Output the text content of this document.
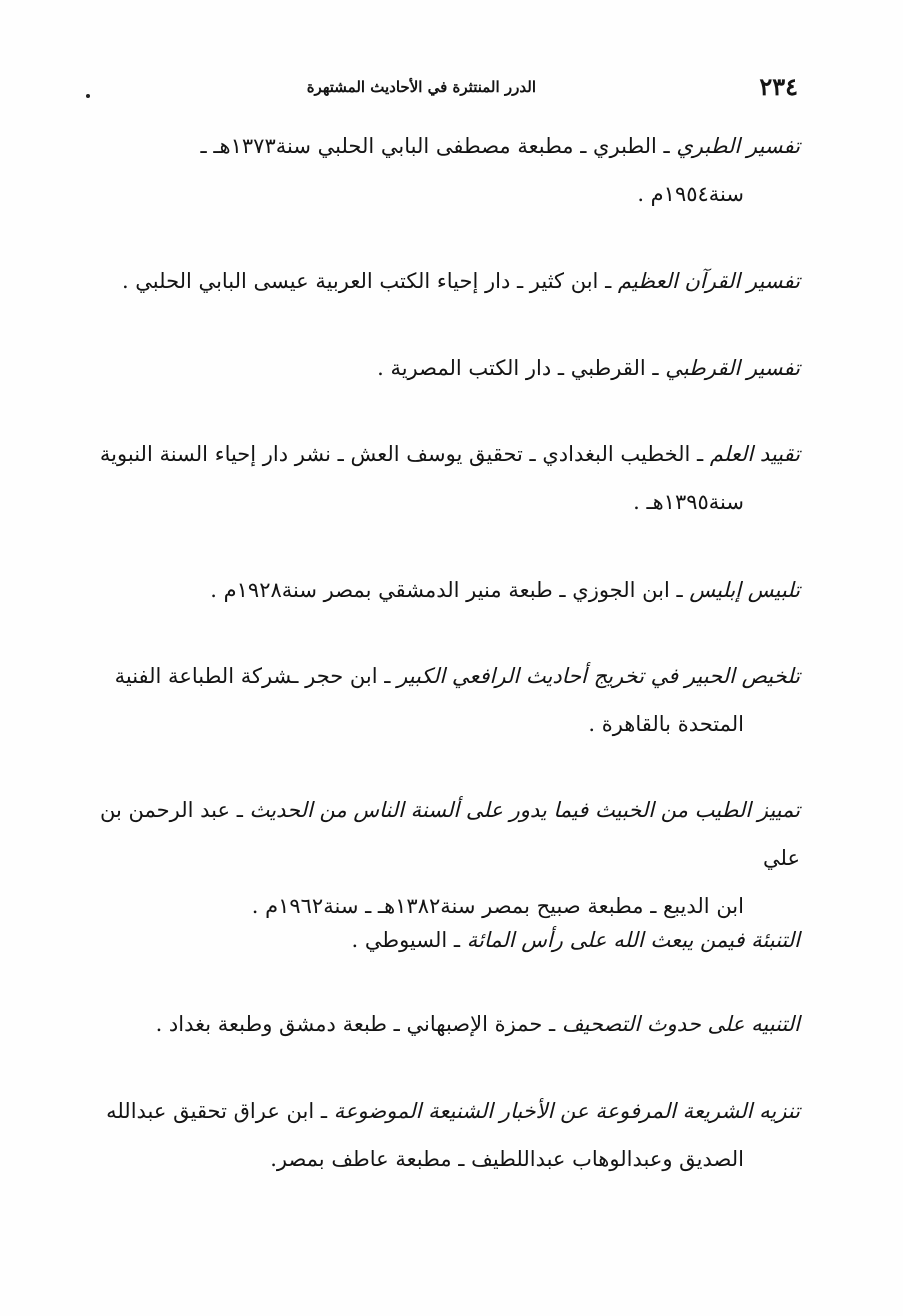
٢٣٤
الدرر المنتثرة في الأحاديث المشتهرة

تفسير الطبري ـ الطبري ـ مطبعة مصطفى البابي الحلبي سنة١٣٧٣هـ ـ

سنة١٩٥٤م .

تفسير القرآن العظيم ـ ابن كثير ـ دار إحياء الكتب العربية عيسى البابي الحلبي .

تفسير القرطبي ـ القرطبي ـ دار الكتب المصرية .

تقييد العلم ـ الخطيب البغدادي ـ تحقيق يوسف العش ـ نشر دار إحياء السنة النبوية

سنة١٣٩٥هـ .

تلبيس إبليس ـ ابن الجوزي ـ طبعة منير الدمشقي بمصر سنة١٩٢٨م .

تلخيص الحبير في تخريج أحاديث الرافعي الكبير ـ ابن حجر ـشركة الطباعة الفنية

المتحدة بالقاهرة .

تمييز الطيب من الخبيث فيما يدور على ألسنة الناس من الحديث ـ عبد الرحمن بن علي

ابن الديبع ـ مطبعة صبيح بمصر سنة١٣٨٢هـ ـ سنة١٩٦٢م .

التنبئة فيمن يبعث الله على رأس المائة ـ السيوطي .

التنبيه على حدوث التصحيف ـ حمزة الإصبهاني ـ طبعة دمشق وطبعة بغداد .

تنزيه الشريعة المرفوعة عن الأخبار الشنيعة الموضوعة ـ ابن عراق تحقيق عبدالله

الصديق وعبدالوهاب عبداللطيف ـ مطبعة عاطف بمصر.
